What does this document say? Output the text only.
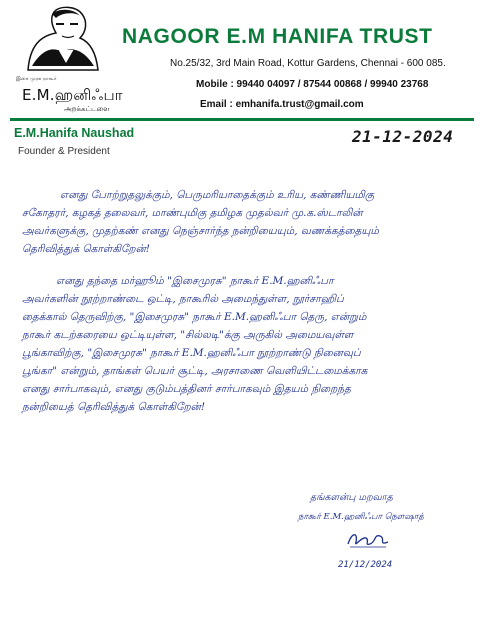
இசை முரசு நாகூர்
E.M.ஹனிஃபா
அறக்கட்டளை
NAGOOR E.M HANIFA TRUST
No.25/32, 3rd Main Road, Kottur Gardens, Chennai - 600 085.
Mobile : 99440 04097 / 87544 00868 / 99940 23768
Email : emhanifa.trust@gmail.com
E.M.Hanifa Naushad
Founder & President
21-12-2024
எனது போற்றுதலுக்கும், பெருமரியாதைக்கும் உரிய, கண்ணியமிகு
சகோதரர், கழகத் தலைவர், மாண்புமிகு தமிழக முதல்வர் மு.க.ஸ்டாலின்
அவர்களுக்கு, முதற்கண் எனது நெஞ்சார்ந்த நன்றியையும், வணக்கத்தையும்
தெரிவித்துக் கொள்கிறேன்!
எனது தந்தை மர்ஹூம் "இசைமுரசு" நாகூர் E.M.ஹனிஃபா
அவர்களின் நூற்றாண்டை ஒட்டி, நாகூரில் அமைந்துள்ள, நூர்சாஹிப்
தைக்கால் தெருவிற்கு, "இசைமுரசு" நாகூர் E.M.ஹனிஃபா தெரு, என்றும்
நாகூர் கடற்கரையை ஒட்டியுள்ள, "சில்லடி"க்கு அருகில் அமையவுள்ள
பூங்காவிற்கு, "இசைமுரசு" நாகூர் E.M.ஹனிஃபா நூற்றாண்டு நினைவுப்
பூங்கா" என்றும், தாங்கள் பெயர் சூட்டி, அரசாணை வெளியிட்டமைக்காக
எனது சார்பாகவும், எனது குடும்பத்தினர் சார்பாகவும் இதயம் நிறைந்த
நன்றியைத் தெரிவித்துக் கொள்கிறேன்!
தங்களன்பு மறவாத
நாகூர் E.M.ஹனிஃபா நௌஷாத்
21/12/2024
